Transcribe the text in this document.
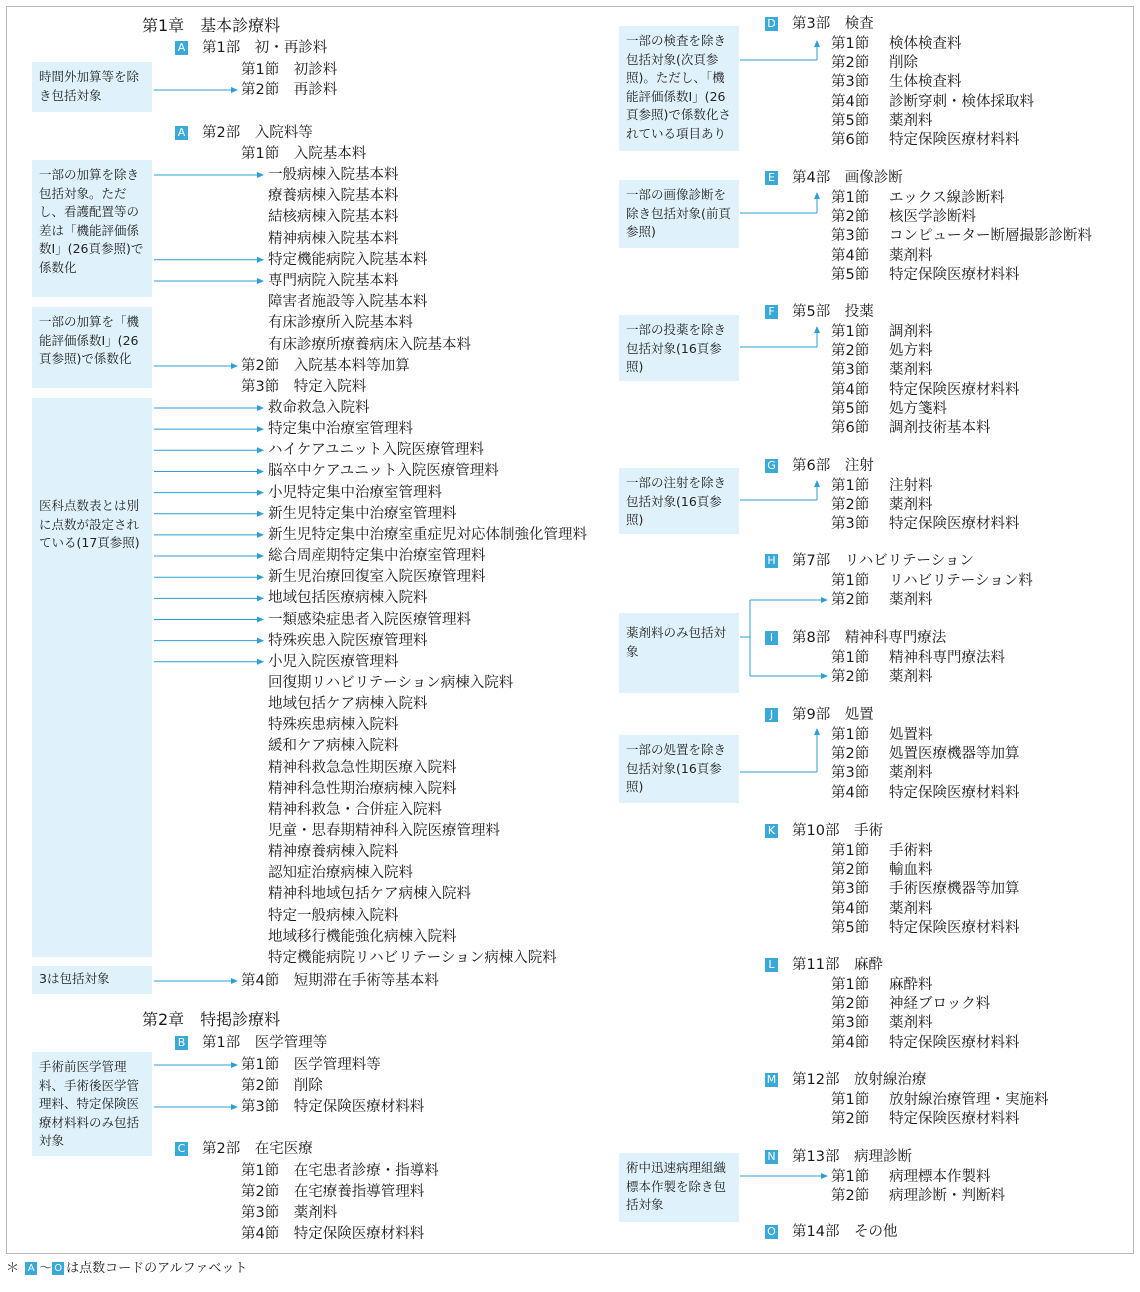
第1章　基本診療料
第2章　特掲診療料
A 第1部　初・再診料
A 第2部　入院料等
B 第1部　医学管理等
C 第2部　在宅医療
第1節　初診料
第2節　再診料
第1節　入院基本料
一般病棟入院基本料
療養病棟入院基本料
結核病棟入院基本料
精神病棟入院基本料
特定機能病院入院基本料
専門病院入院基本料
障害者施設等入院基本料
有床診療所入院基本料
有床診療所療養病床入院基本料
第2節　入院基本料等加算
第3節　特定入院料
救命救急入院料
特定集中治療室管理料
ハイケアユニット入院医療管理料
脳卒中ケアユニット入院医療管理料
小児特定集中治療室管理料
新生児特定集中治療室管理料
新生児特定集中治療室重症児対応体制強化管理料
総合周産期特定集中治療室管理料
新生児治療回復室入院医療管理料
地域包括医療病棟入院料
一類感染症患者入院医療管理料
特殊疾患入院医療管理料
小児入院医療管理料
回復期リハビリテーション病棟入院料
地域包括ケア病棟入院料
特殊疾患病棟入院料
緩和ケア病棟入院料
精神科救急急性期医療入院料
精神科急性期治療病棟入院料
精神科救急・合併症入院料
児童・思春期精神科入院医療管理料
精神療養病棟入院料
認知症治療病棟入院料
精神科地域包括ケア病棟入院料
特定一般病棟入院料
地域移行機能強化病棟入院料
特定機能病院リハビリテーション病棟入院料
第4節　短期滞在手術等基本料
第1節　医学管理料等
第2節　削除
第3節　特定保険医療材料料
第1節　在宅患者診療・指導料
第2節　在宅療養指導管理料
第3節　薬剤料
第4節　特定保険医療材料料
時間外加算等を除き包括対象
一部の加算を除き包括対象。ただし、看護配置等の差は「機能評価係数Ⅰ」(26頁参照)で係数化
一部の加算を「機能評価係数Ⅰ」(26頁参照)で係数化
医科点数表とは別に点数が設定されている(17頁参照)
3は包括対象
手術前医学管理料、手術後医学管理料、特定保険医療材料料のみ包括対象
D 第3部　検査
第1節 検体検査料
第2節 削除
第3節 生体検査料
第4節 診断穿刺・検体採取料
第5節 薬剤料
第6節 特定保険医療材料料
E 第4部　画像診断
第1節 エックス線診断料
第2節 核医学診断料
第3節 コンピューター断層撮影診断料
第4節 薬剤料
第5節 特定保険医療材料料
F 第5部　投薬
第1節 調剤料
第2節 処方料
第3節 薬剤料
第4節 特定保険医療材料料
第5節 処方箋料
第6節 調剤技術基本料
G 第6部　注射
第1節 注射料
第2節 薬剤料
第3節 特定保険医療材料料
H 第7部　リハビリテーション
第1節 リハビリテーション料
第2節 薬剤料
I 第8部　精神科専門療法
第1節 精神科専門療法料
第2節 薬剤料
J 第9部　処置
第1節 処置料
第2節 処置医療機器等加算
第3節 薬剤料
第4節 特定保険医療材料料
K 第10部　手術
第1節 手術料
第2節 輸血料
第3節 手術医療機器等加算
第4節 薬剤料
第5節 特定保険医療材料料
L 第11部　麻酔
第1節 麻酔料
第2節 神経ブロック料
第3節 薬剤料
第4節 特定保険医療材料料
M 第12部　放射線治療
第1節 放射線治療管理・実施料
第2節 特定保険医療材料料
N 第13部　病理診断
第1節 病理標本作製料
第2節 病理診断・判断料
O 第14部　その他
一部の検査を除き包括対象(次頁参照)。ただし、「機能評価係数Ⅰ」(26頁参照)で係数化されている項目あり
一部の画像診断を除き包括対象(前頁参照)
一部の投薬を除き包括対象(16頁参照)
一部の注射を除き包括対象(16頁参照)
薬剤料のみ包括対象
一部の処置を除き包括対象(16頁参照)
術中迅速病理組織標本作製を除き包括対象
＊ A 〜 O は点数コードのアルファベット
